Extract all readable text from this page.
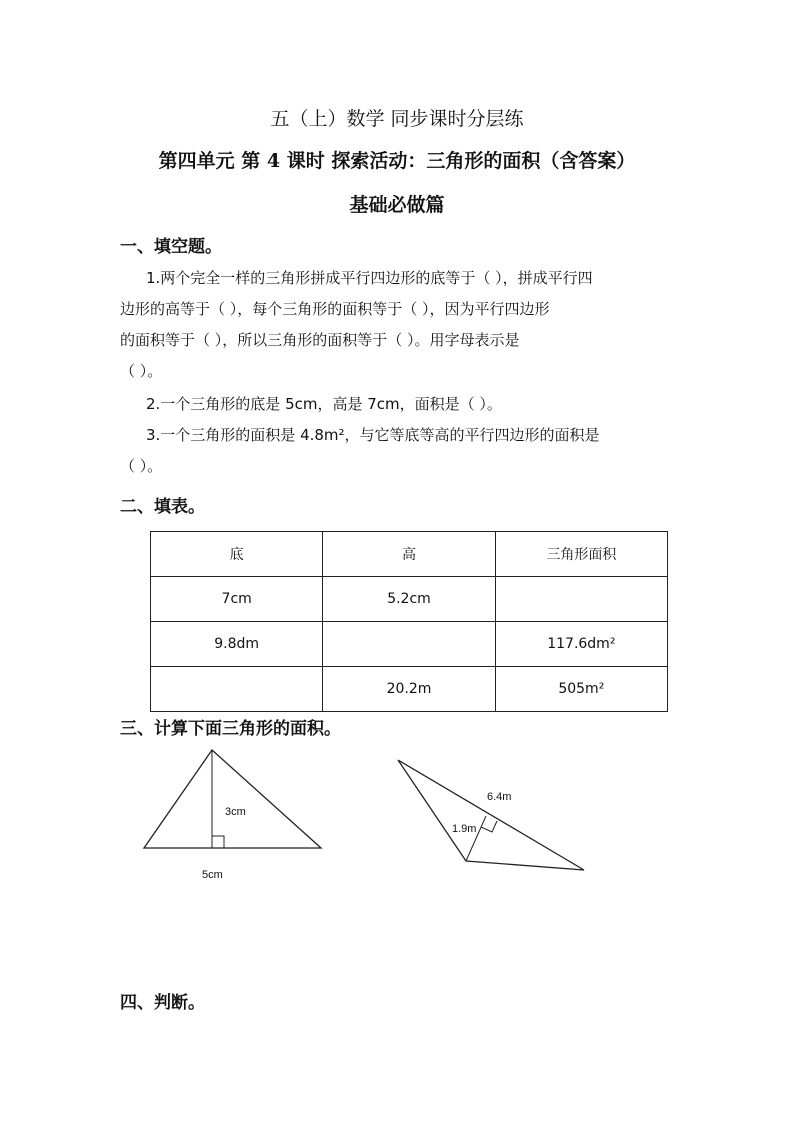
五（上）数学 同步课时分层练
第四单元 第 4 课时 探索活动：三角形的面积（含答案）
基础必做篇
一、填空题。
1.两个完全一样的三角形拼成平行四边形的底等于（ ），拼成平行四
边形的高等于（ ），每个三角形的面积等于（ ），因为平行四边形
的面积等于（ ），所以三角形的面积等于（ ）。用字母表示是
（ ）。
2.一个三角形的底是 5cm，高是 7cm，面积是（ ）。
3.一个三角形的面积是 4.8m²，与它等底等高的平行四边形的面积是
（ ）。
二、填表。
底	高	三角形面积
7cm	5.2cm	
9.8dm		117.6dm²
	20.2m	505m²
三、计算下面三角形的面积。
3cm
5cm
6.4m
1.9m
四、判断。
